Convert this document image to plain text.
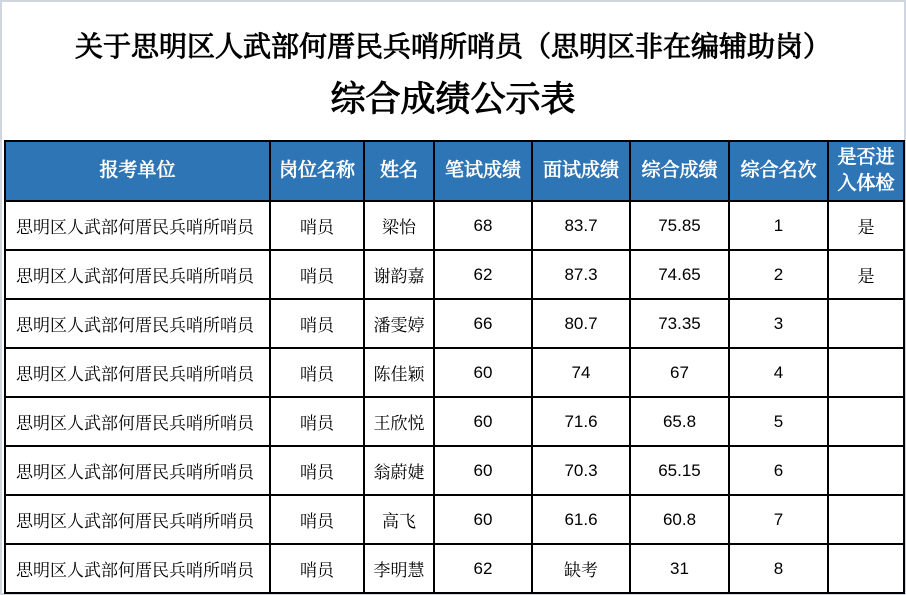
关于思明区人武部何厝民兵哨所哨员（思明区非在编辅助岗）
综合成绩公示表
报考单位	岗位名称	姓名	笔试成绩	面试成绩	综合成绩	综合名次	是否进入体检
思明区人武部何厝民兵哨所哨员	哨员	梁怡	68	83.7	75.85	1	是
思明区人武部何厝民兵哨所哨员	哨员	谢韵嘉	62	87.3	74.65	2	是
思明区人武部何厝民兵哨所哨员	哨员	潘雯婷	66	80.7	73.35	3	
思明区人武部何厝民兵哨所哨员	哨员	陈佳颖	60	74	67	4	
思明区人武部何厝民兵哨所哨员	哨员	王欣悦	60	71.6	65.8	5	
思明区人武部何厝民兵哨所哨员	哨员	翁蔚婕	60	70.3	65.15	6	
思明区人武部何厝民兵哨所哨员	哨员	高飞	60	61.6	60.8	7	
思明区人武部何厝民兵哨所哨员	哨员	李明慧	62	缺考	31	8	
